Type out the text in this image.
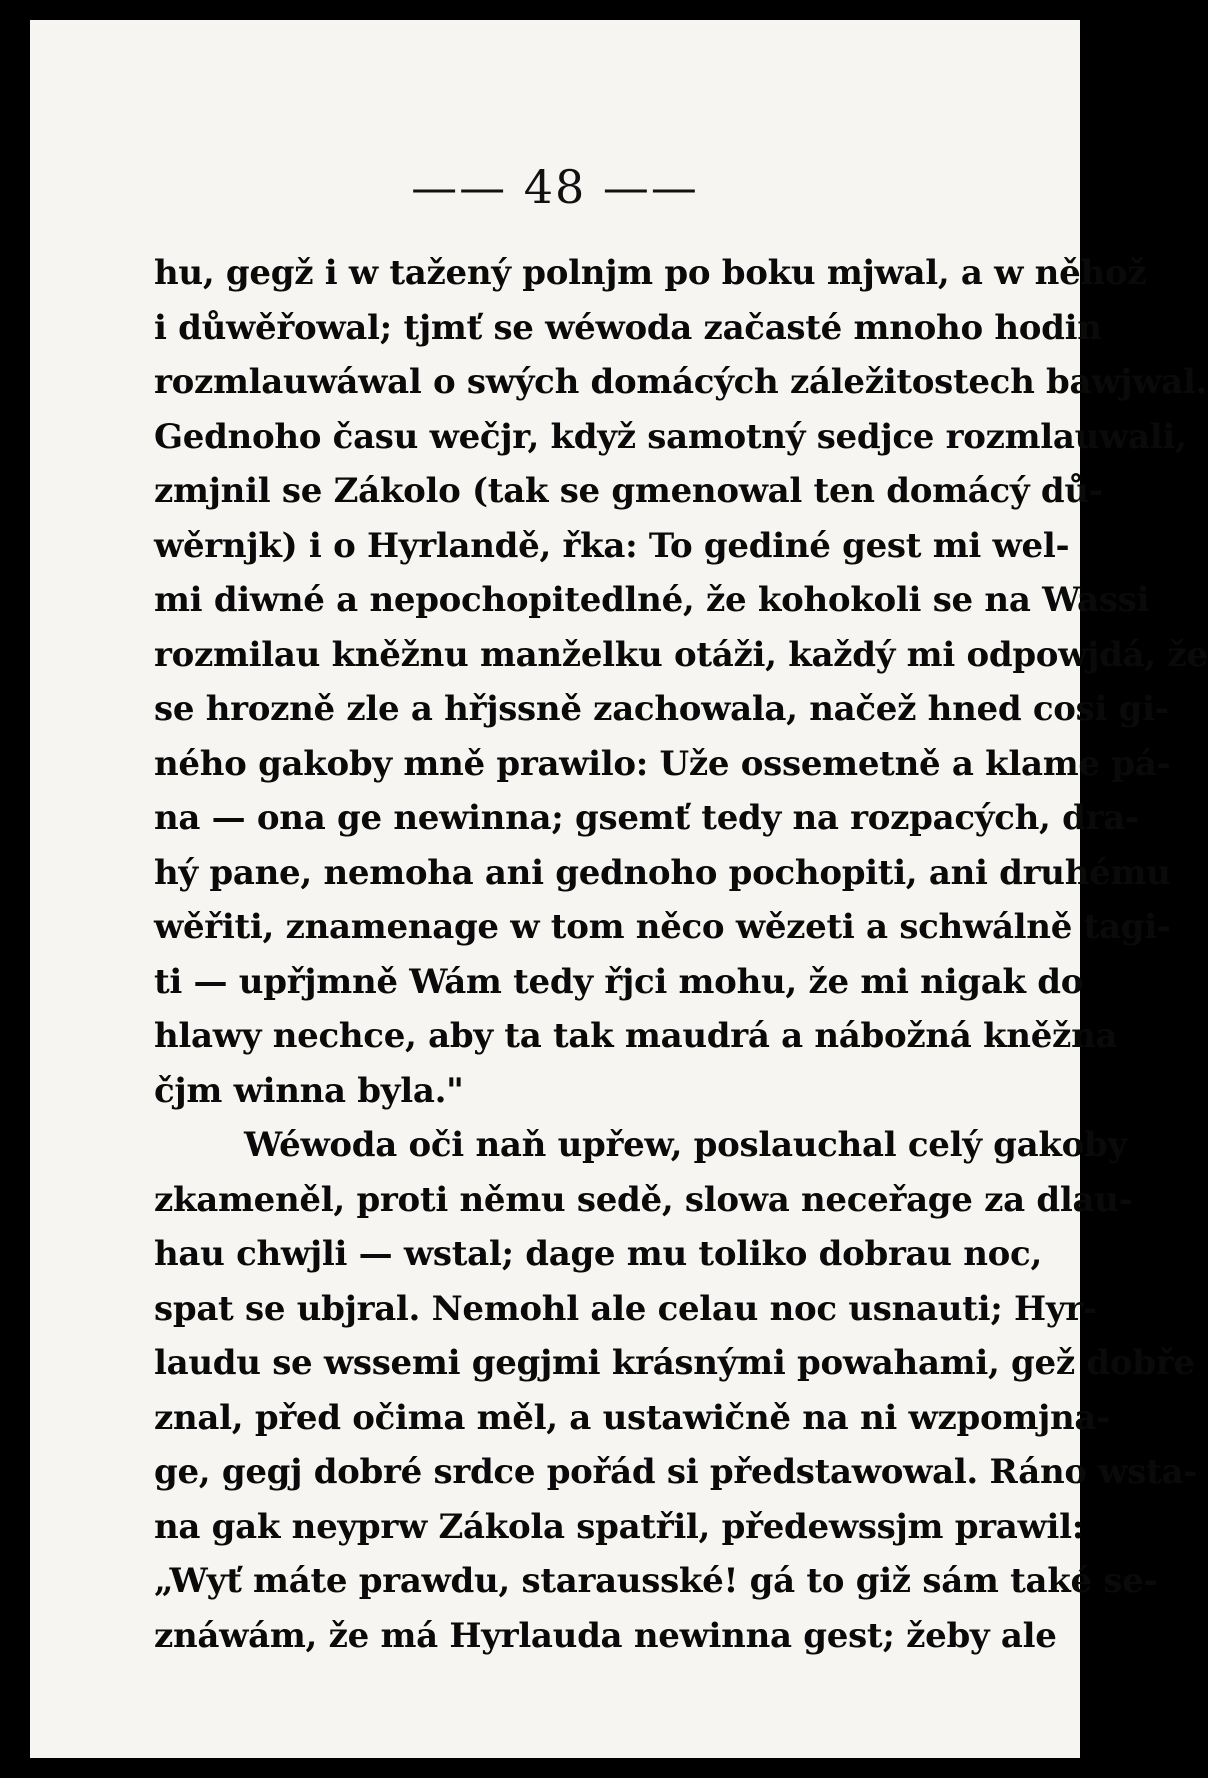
—— 48 ——
hu, gegž i w tažený polnjm po boku mjwal, a w něhož
i důwěřowal; tjmť se wéwoda začasté mnoho hodin
rozmlauwáwal o swých domácých záležitostech bawjwal.
Gednoho času wečjr, když samotný sedjce rozmlauwali,
zmjnil se Zákolo (tak se gmenowal ten domácý dů-
wěrnjk) i o Hyrlandě, řka: To gediné gest mi wel-
mi diwné a nepochopitedlné, že kohokoli se na Wassi
rozmilau kněžnu manželku otáži, každý mi odpowjdá, že
se hrozně zle a hřjssně zachowala, načež hned cosi gi-
ného gakoby mně prawilo: Uže ossemetně a klame pá-
na — ona ge newinna; gsemť tedy na rozpacých, dra-
hý pane, nemoha ani gednoho pochopiti, ani druhému
wěřiti, znamenage w tom něco wězeti a schwálně tagi-
ti — upřjmně Wám tedy řjci mohu, že mi nigak do
hlawy nechce, aby ta tak maudrá a nábožná kněžna
čjm winna byla."
Wéwoda oči naň upřew, poslauchal celý gakoby
zkameněl, proti němu sedě, slowa neceřage za dlau-
hau chwjli — wstal; dage mu toliko dobrau noc,
spat se ubjral. Nemohl ale celau noc usnauti; Hyr-
laudu se wssemi gegjmi krásnými powahami, gež dobře
znal, před očima měl, a ustawičně na ni wzpomjna-
ge, gegj dobré srdce pořád si předstawowal. Ráno wsta-
na gak neyprw Zákola spatřil, předewssjm prawil:
„Wyť máte prawdu, starausské! gá to giž sám také se-
znáwám, že má Hyrlauda newinna gest; žeby ale
